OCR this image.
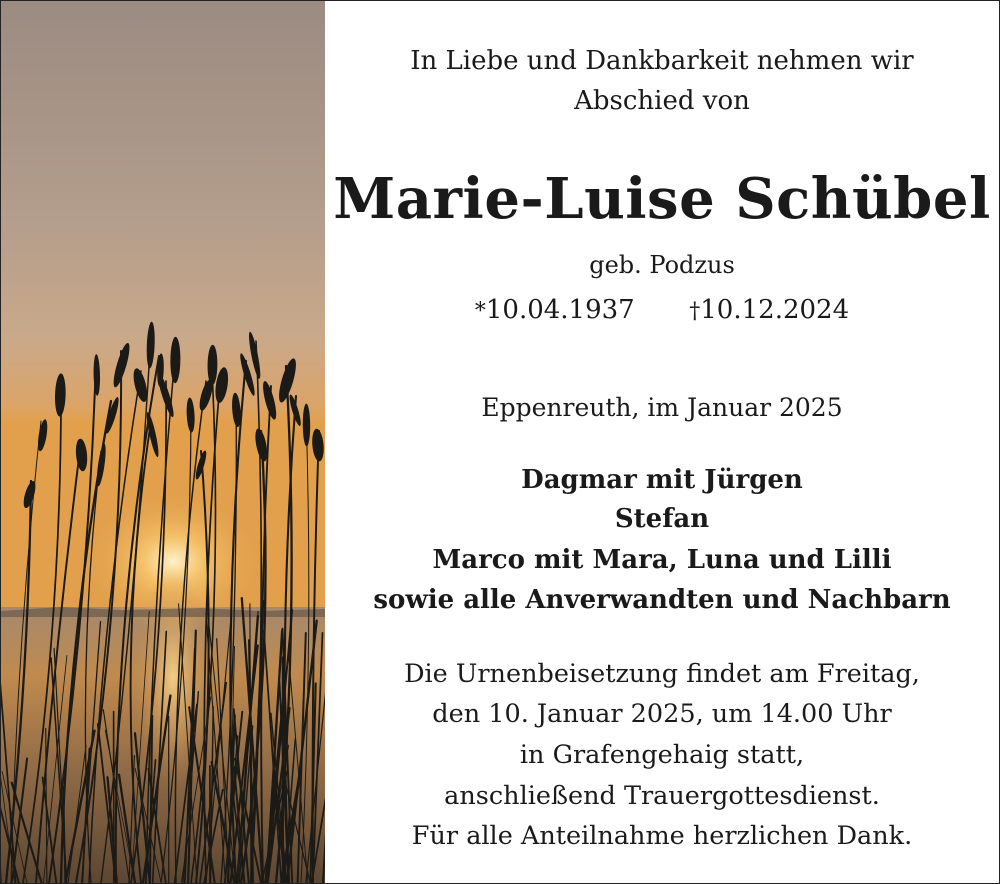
In Liebe und Dankbarkeit nehmen wir
Abschied von
Marie-Luise Schübel
geb. Podzus
*10.04.1937 †10.12.2024
Eppenreuth, im Januar 2025
Dagmar mit Jürgen
Stefan
Marco mit Mara, Luna und Lilli
sowie alle Anverwandten und Nachbarn
Die Urnenbeisetzung findet am Freitag,
den 10. Januar 2025, um 14.00 Uhr
in Grafengehaig statt,
anschließend Trauergottesdienst.
Für alle Anteilnahme herzlichen Dank.
